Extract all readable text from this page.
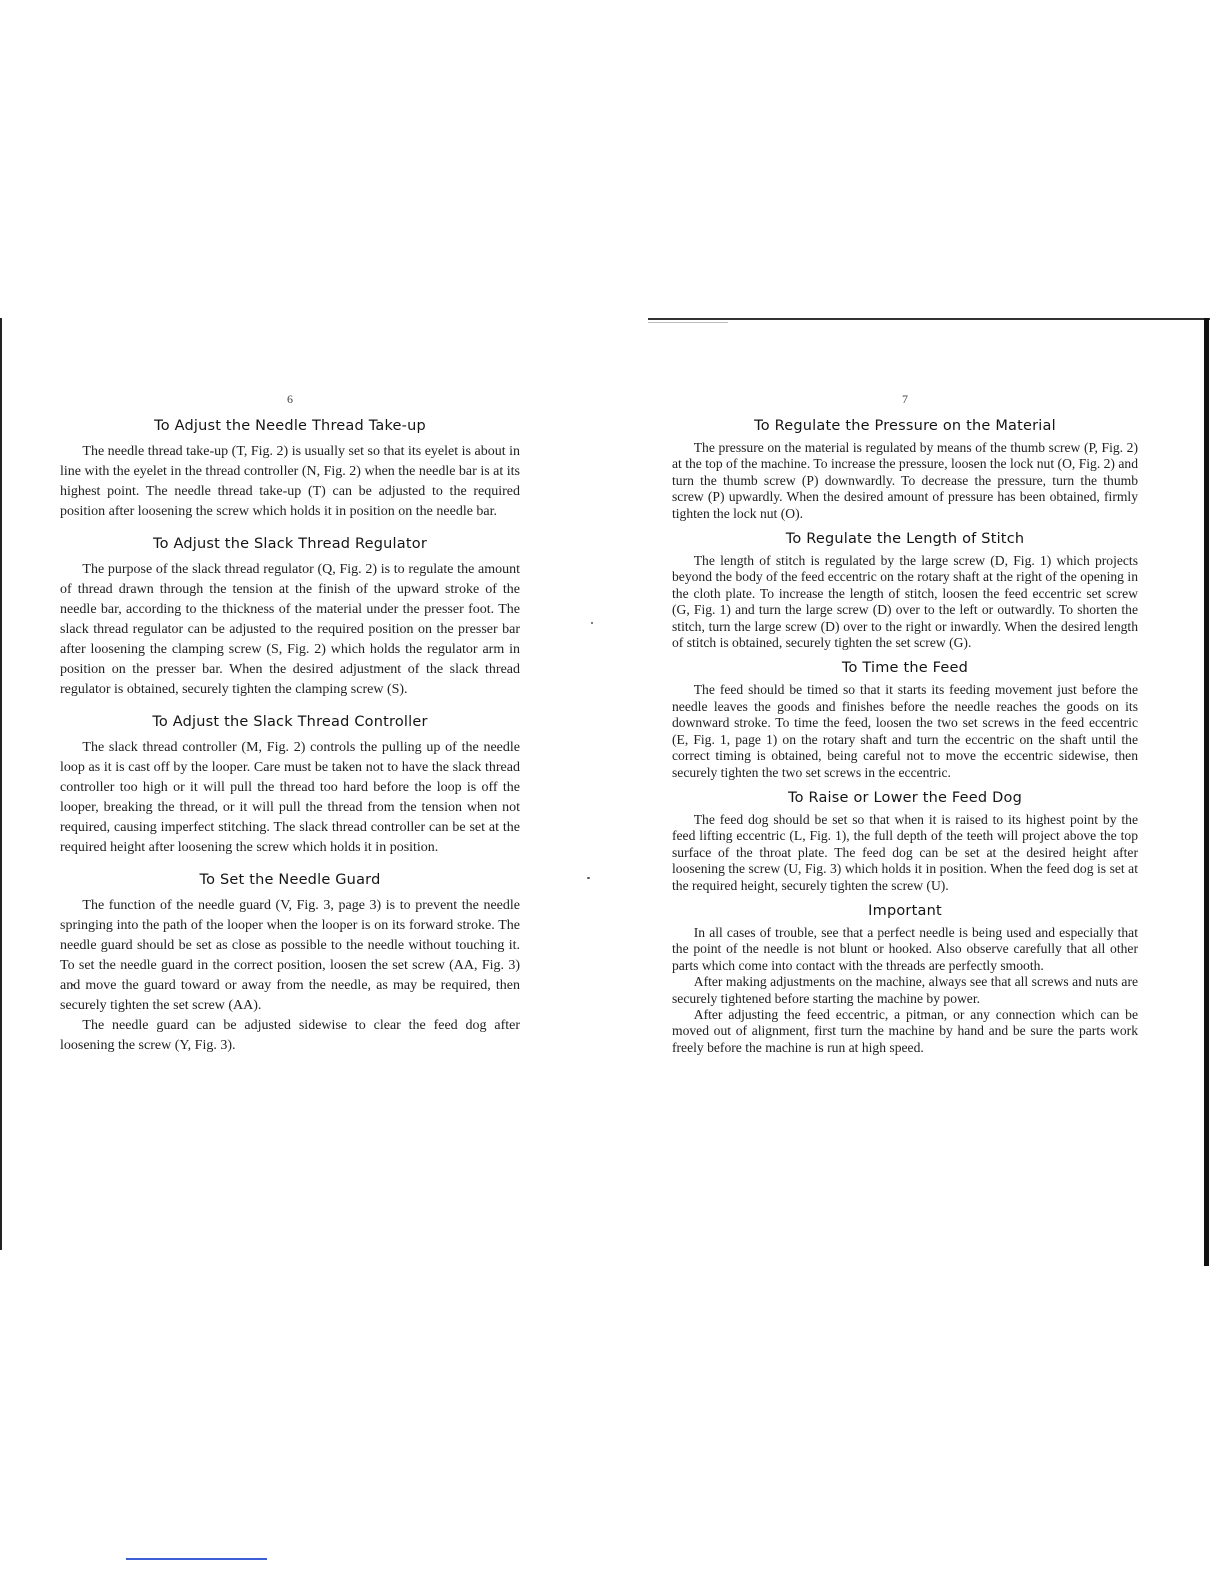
6
To Adjust the Needle Thread Take-up

The needle thread take-up (T, Fig. 2) is usually set so that its eyelet is about in line with the eyelet in the thread controller (N, Fig. 2) when the needle bar is at its highest point. The needle thread take-up (T) can be adjusted to the required position after loosening the screw which holds it in position on the needle bar.

To Adjust the Slack Thread Regulator

The purpose of the slack thread regulator (Q, Fig. 2) is to regulate the amount of thread drawn through the tension at the finish of the upward stroke of the needle bar, according to the thickness of the material under the presser foot. The slack thread regulator can be adjusted to the required position on the presser bar after loosening the clamping screw (S, Fig. 2) which holds the regulator arm in position on the presser bar. When the desired adjustment of the slack thread regulator is obtained, securely tighten the clamping screw (S).

To Adjust the Slack Thread Controller

The slack thread controller (M, Fig. 2) controls the pulling up of the needle loop as it is cast off by the looper. Care must be taken not to have the slack thread controller too high or it will pull the thread too hard before the loop is off the looper, breaking the thread, or it will pull the thread from the tension when not required, causing imperfect stitching. The slack thread controller can be set at the required height after loosening the screw which holds it in position.

To Set the Needle Guard

The function of the needle guard (V, Fig. 3, page 3) is to prevent the needle springing into the path of the looper when the looper is on its forward stroke. The needle guard should be set as close as possible to the needle without touching it. To set the needle guard in the correct position, loosen the set screw (AA, Fig. 3) and move the guard toward or away from the needle, as may be required, then securely tighten the set screw (AA).

The needle guard can be adjusted sidewise to clear the feed dog after loosening the screw (Y, Fig. 3).

7
To Regulate the Pressure on the Material

The pressure on the material is regulated by means of the thumb screw (P, Fig. 2) at the top of the machine. To increase the pressure, loosen the lock nut (O, Fig. 2) and turn the thumb screw (P) downwardly. To decrease the pressure, turn the thumb screw (P) upwardly. When the desired amount of pressure has been obtained, firmly tighten the lock nut (O).

To Regulate the Length of Stitch

The length of stitch is regulated by the large screw (D, Fig. 1) which projects beyond the body of the feed eccentric on the rotary shaft at the right of the opening in the cloth plate. To increase the length of stitch, loosen the feed eccentric set screw (G, Fig. 1) and turn the large screw (D) over to the left or outwardly. To shorten the stitch, turn the large screw (D) over to the right or inwardly. When the desired length of stitch is obtained, securely tighten the set screw (G).

To Time the Feed

The feed should be timed so that it starts its feeding movement just before the needle leaves the goods and finishes before the needle reaches the goods on its downward stroke. To time the feed, loosen the two set screws in the feed eccentric (E, Fig. 1, page 1) on the rotary shaft and turn the eccentric on the shaft until the correct timing is obtained, being careful not to move the eccentric sidewise, then securely tighten the two set screws in the eccentric.

To Raise or Lower the Feed Dog

The feed dog should be set so that when it is raised to its highest point by the feed lifting eccentric (L, Fig. 1), the full depth of the teeth will project above the top surface of the throat plate. The feed dog can be set at the desired height after loosening the screw (U, Fig. 3) which holds it in position. When the feed dog is set at the required height, securely tighten the screw (U).

Important

In all cases of trouble, see that a perfect needle is being used and especially that the point of the needle is not blunt or hooked. Also observe carefully that all other parts which come into contact with the threads are perfectly smooth.

After making adjustments on the machine, always see that all screws and nuts are securely tightened before starting the machine by power.

After adjusting the feed eccentric, a pitman, or any connection which can be moved out of alignment, first turn the machine by hand and be sure the parts work freely before the machine is run at high speed.
